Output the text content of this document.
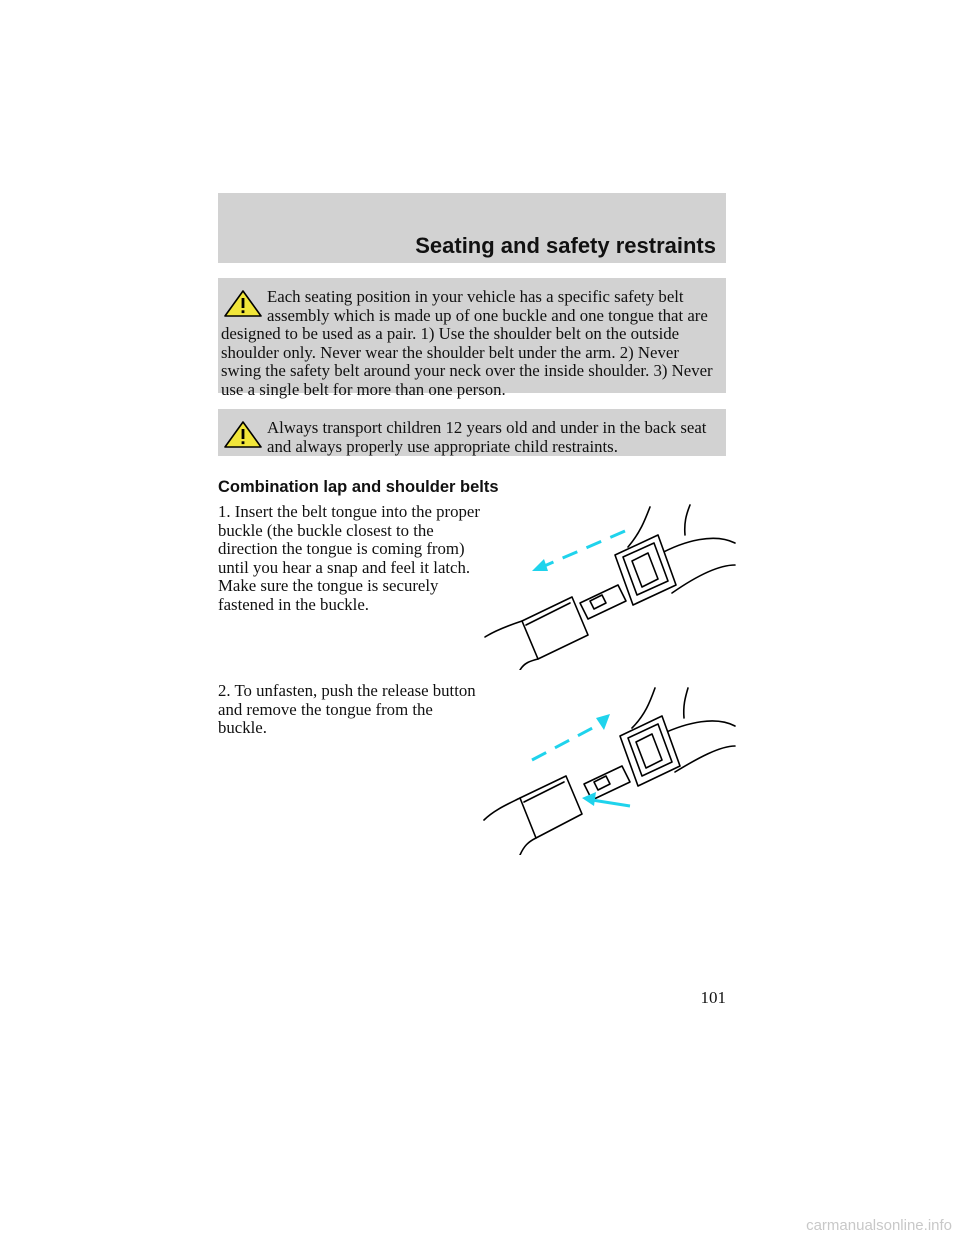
Seating and safety restraints
Each seating position in your vehicle has a specific safety belt assembly which is made up of one buckle and one tongue that are designed to be used as a pair. 1) Use the shoulder belt on the outside shoulder only. Never wear the shoulder belt under the arm. 2) Never swing the safety belt around your neck over the inside shoulder. 3) Never use a single belt for more than one person.
Always transport children 12 years old and under in the back seat and always properly use appropriate child restraints.
Combination lap and shoulder belts
1. Insert the belt tongue into the proper buckle (the buckle closest to the direction the tongue is coming from) until you hear a snap and feel it latch. Make sure the tongue is securely fastened in the buckle.
2. To unfasten, push the release button and remove the tongue from the buckle.
101
carmanualsonline.info
